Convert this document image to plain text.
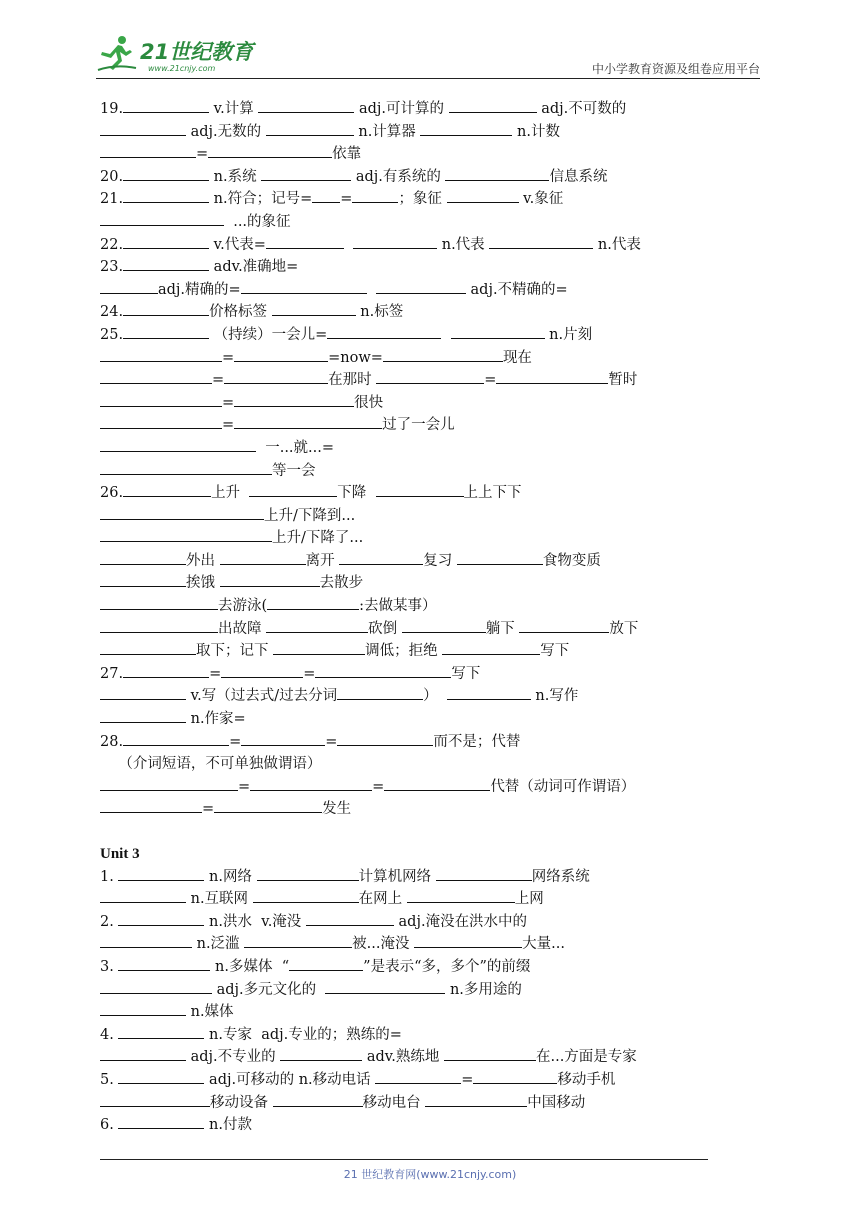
21世纪教育
www.21cnjy.com	中小学教育资源及组卷应用平台
19.	v.计算	adj.可计算的	adj.不可数的
adj.无数的	n.计算器	n.计数
=	依靠
20.	n.系统	adj.有系统的	信息系统
21.	n.符合；记号= =	；象征	v.象征
...的象征
22.	v.代表=	n.代表	n.代表
23.	adv.准确地=
adj.精确的=	adj.不精确的=
24.	价格标签	n.标签
25.	（持续）一会儿=	n.片刻
=	=now=	现在
=	在那时	=	暂时
=	很快
=	过了一会儿
一...就...=
等一会
26.	上升	下降	上上下下
上升/下降到...
上升/下降了...
外出	离开	复习	食物变质
挨饿	去散步
去游泳(	:去做某事）
出故障	砍倒	躺下	放下
取下；记下	调低；拒绝	写下
27.	=	=	写下
v.写（过去式/过去分词	）	n.写作
n.作家=
28.	=	=	而不是；代替
（介词短语，不可单独做谓语）
=	=	代替（动词可作谓语）
=	发生
Unit 3
1.	n.网络	计算机网络	网络系统
n.互联网	在网上	上网
2.	n.洪水  v.淹没	adj.淹没在洪水中的
n.泛滥	被...淹没	大量...
3.	n.多媒体  “	”是表示“多，多个”的前缀
adj.多元文化的	n.多用途的
n.媒体
4.	n.专家  adj.专业的；熟练的=
adj.不专业的	adv.熟练地	在...方面是专家
5.	adj.可移动的 n.移动电话	=	移动手机
移动设备	移动电台	中国移动
6.	n.付款
21 世纪教育网(www.21cnjy.com)
